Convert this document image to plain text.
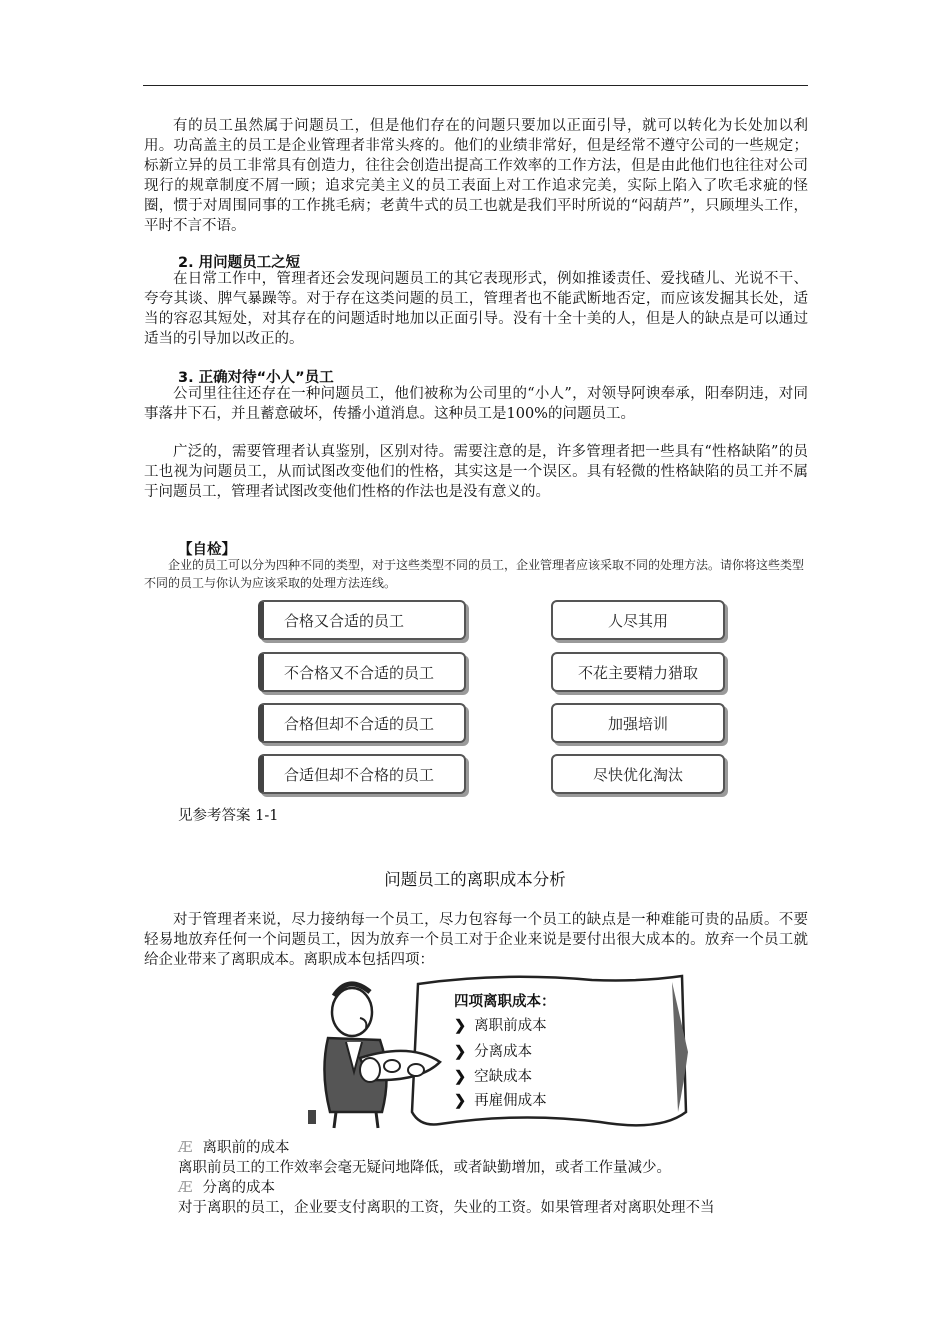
有的员工虽然属于问题员工，但是他们存在的问题只要加以正面引导，就可以转化为长处加以利用。功高盖主的员工是企业管理者非常头疼的。他们的业绩非常好，但是经常不遵守公司的一些规定；标新立异的员工非常具有创造力，往往会创造出提高工作效率的工作方法，但是由此他们也往往对公司现行的规章制度不屑一顾；追求完美主义的员工表面上对工作追求完美，实际上陷入了吹毛求疵的怪圈，惯于对周围同事的工作挑毛病；老黄牛式的员工也就是我们平时所说的“闷葫芦”，只顾埋头工作，平时不言不语。

2. 用问题员工之短

在日常工作中，管理者还会发现问题员工的其它表现形式，例如推诿责任、爱找碴儿、光说不干、夸夸其谈、脾气暴躁等。对于存在这类问题的员工，管理者也不能武断地否定，而应该发掘其长处，适当的容忍其短处，对其存在的问题适时地加以正面引导。没有十全十美的人，但是人的缺点是可以通过适当的引导加以改正的。

3. 正确对待“小人”员工

公司里往往还存在一种问题员工，他们被称为公司里的“小人”，对领导阿谀奉承，阳奉阴违，对同事落井下石，并且蓄意破坏，传播小道消息。这种员工是100%的问题员工。

广泛的，需要管理者认真鉴别，区别对待。需要注意的是，许多管理者把一些具有“性格缺陷”的员工也视为问题员工，从而试图改变他们的性格，其实这是一个误区。具有轻微的性格缺陷的员工并不属于问题员工，管理者试图改变他们性格的作法也是没有意义的。

【自检】

企业的员工可以分为四种不同的类型，对于这些类型不同的员工，企业管理者应该采取不同的处理方法。请你将这些类型不同的员工与你认为应该采取的处理方法连线。

合格又合适的员工
不合格又不合适的员工
合格但却不合适的员工
合适但却不合格的员工
人尽其用
不花主要精力猎取
加强培训
尽快优化淘汰
见参考答案 1-1
问题员工的离职成本分析

对于管理者来说，尽力接纳每一个员工，尽力包容每一个员工的缺点是一种难能可贵的品质。不要轻易地放弃任何一个问题员工，因为放弃一个员工对于企业来说是要付出很大成本的。放弃一个员工就给企业带来了离职成本。离职成本包括四项：

四项离职成本：
❯ 离职前成本
❯ 分离成本
❯ 空缺成本
❯ 再雇佣成本
Æ 离职前的成本
离职前员工的工作效率会毫无疑问地降低，或者缺勤增加，或者工作量减少。
Æ 分离的成本
对于离职的员工，企业要支付离职的工资，失业的工资。如果管理者对离职处理不当
